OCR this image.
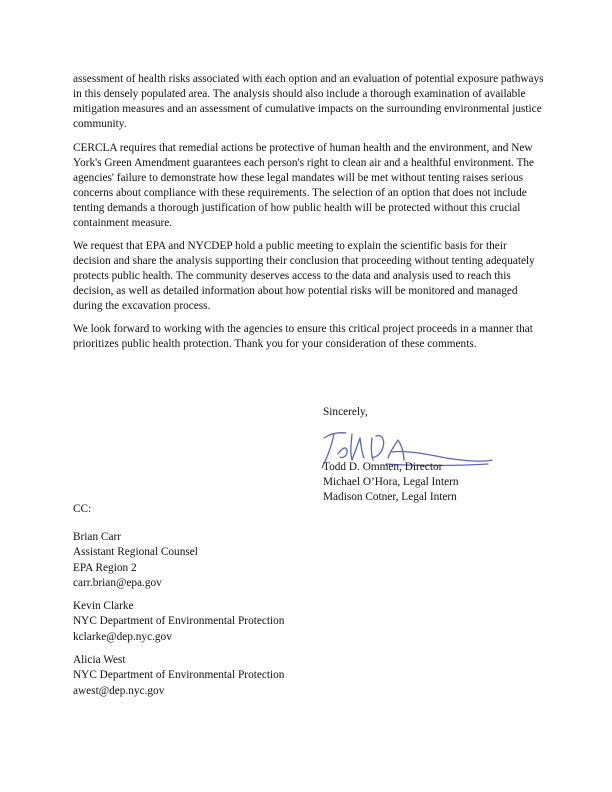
assessment of health risks associated with each option and an evaluation of potential exposure pathways in this densely populated area. The analysis should also include a thorough examination of available mitigation measures and an assessment of cumulative impacts on the surrounding environmental justice community.

CERCLA requires that remedial actions be protective of human health and the environment, and New York's Green Amendment guarantees each person's right to clean air and a healthful environment. The agencies' failure to demonstrate how these legal mandates will be met without tenting raises serious concerns about compliance with these requirements. The selection of an option that does not include tenting demands a thorough justification of how public health will be protected without this crucial containment measure.

We request that EPA and NYCDEP hold a public meeting to explain the scientific basis for their decision and share the analysis supporting their conclusion that proceeding without tenting adequately protects public health. The community deserves access to the data and analysis used to reach this decision, as well as detailed information about how potential risks will be monitored and managed during the excavation process.

We look forward to working with the agencies to ensure this critical project proceeds in a manner that prioritizes public health protection. Thank you for your consideration of these comments.

Sincerely,
Todd D. Ommen, Director
Michael O’Hora, Legal Intern
Madison Cotner, Legal Intern
CC:
Brian Carr
Assistant Regional Counsel
EPA Region 2
carr.brian@epa.gov
Kevin Clarke
NYC Department of Environmental Protection
kclarke@dep.nyc.gov
Alicia West
NYC Department of Environmental Protection
awest@dep.nyc.gov
